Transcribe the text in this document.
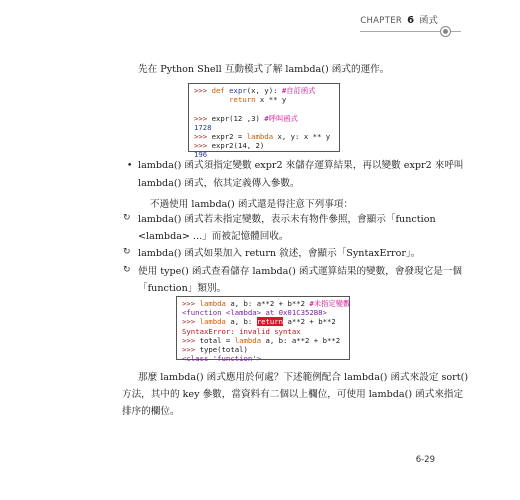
CHAPTER 6 函式
先在 Python Shell 互動模式了解 lambda() 函式的運作。
>>> def expr(x, y): #自訂函式
return x ** y
>>> expr(12 ,3) #呼叫函式
1728
>>> expr2 = lambda x, y: x ** y
>>> expr2(14, 2)
196
• lambda() 函式須指定變數 expr2 來儲存運算結果，再以變數 expr2 來呼叫
lambda() 函式，依其定義傳入參數。
不過使用 lambda() 函式還是得注意下列事項：
↻ lambda() 函式若未指定變數，表示未有物件參照，會顯示「function
<lambda> ...」而被記憶體回收。
↻ lambda() 函式如果加入 return 敘述，會顯示「SyntaxError」。
↻ 使用 type() 函式查看儲存 lambda() 函式運算結果的變數，會發現它是一個
「function」類別。
>>> lambda a, b: a**2 + b**2 #未指定變數
<function <lambda> at 0x01C352B8>
>>> lambda a, b: return a**2 + b**2
SyntaxError: invalid syntax
>>> total = lambda a, b: a**2 + b**2
>>> type(total)
<class 'function'>
那麼 lambda() 函式應用於何處？下述範例配合 lambda() 函式來設定 sort()
方法，其中的 key 參數，當資料有二個以上欄位，可使用 lambda() 函式來指定
排序的欄位。
6-29
